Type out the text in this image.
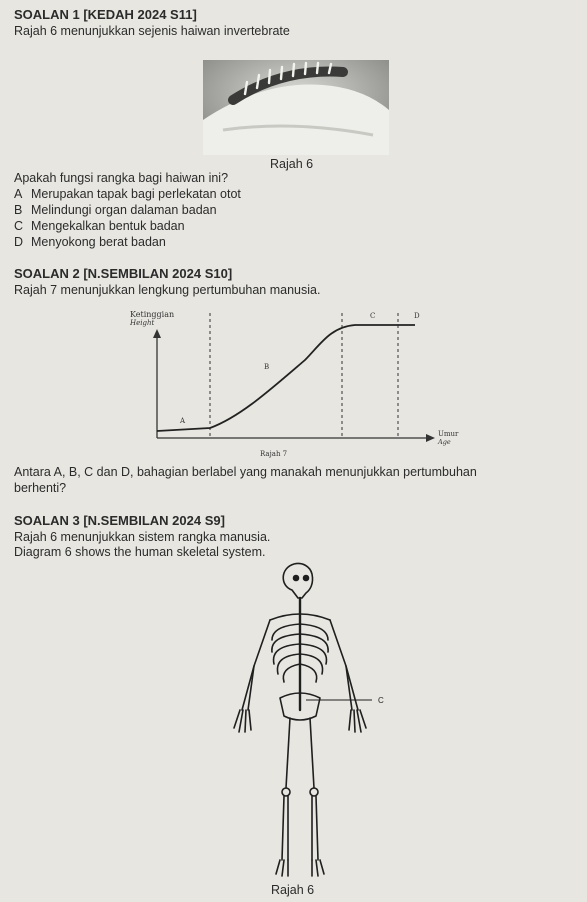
SOALAN 1 [KEDAH 2024 S11]
Rajah 6 menunjukkan sejenis haiwan invertebrate
Rajah 6
Apakah fungsi rangka bagi haiwan ini?
A Merupakan tapak bagi perlekatan otot
B Melindungi organ dalaman badan
C Mengekalkan bentuk badan
D Menyokong berat badan
SOALAN 2 [N.SEMBILAN 2024 S10]
Rajah 7 menunjukkan lengkung pertumbuhan manusia.
Ketinggian
Height
A
B
C	D
Umur
Age
Rajah 7
Antara A, B, C dan D, bahagian berlabel yang manakah menunjukkan pertumbuhan
berhenti?
SOALAN 3 [N.SEMBILAN 2024 S9]
Rajah 6 menunjukkan sistem rangka manusia.
Diagram 6 shows the human skeletal system.
C
Rajah 6
